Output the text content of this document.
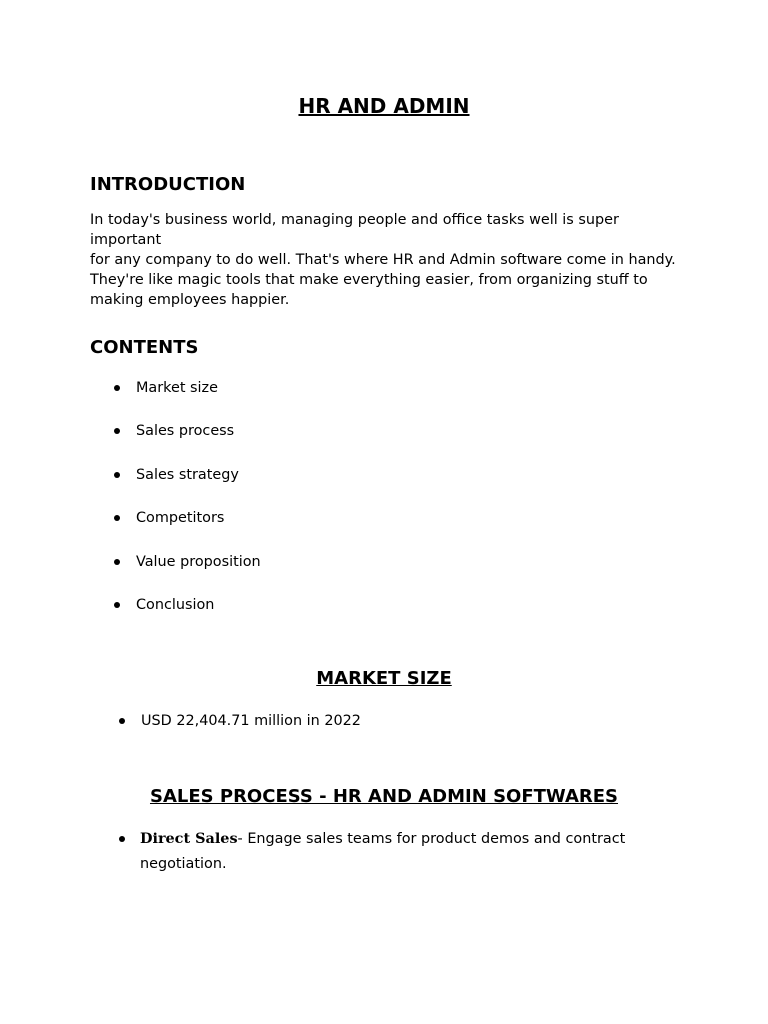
HR AND ADMIN
INTRODUCTION
In today's business world, managing people and office tasks well is super important
for any company to do well. That's where HR and Admin software come in handy.
They're like magic tools that make everything easier, from organizing stuff to
making employees happier.
CONTENTS
Market size
Sales process
Sales strategy
Competitors
Value proposition
Conclusion
MARKET SIZE
USD 22,404.71 million in 2022
SALES PROCESS - HR AND ADMIN SOFTWARES
Direct Sales- Engage sales teams for product demos and contract
negotiation.
